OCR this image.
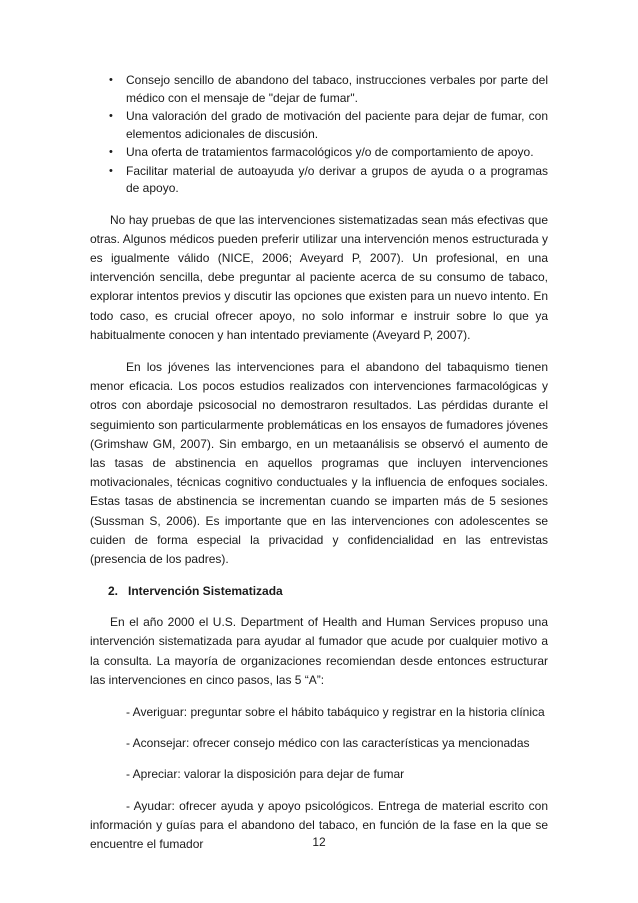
• Consejo sencillo de abandono del tabaco, instrucciones verbales por parte del médico con el mensaje de "dejar de fumar".
• Una valoración del grado de motivación del paciente para dejar de fumar, con elementos adicionales de discusión.
• Una oferta de tratamientos farmacológicos y/o de comportamiento de apoyo.
• Facilitar material de autoayuda y/o derivar a grupos de ayuda o a programas de apoyo.

No hay pruebas de que las intervenciones sistematizadas sean más efectivas que otras. Algunos médicos pueden preferir utilizar una intervención menos estructurada y es igualmente válido (NICE, 2006; Aveyard P, 2007). Un profesional, en una intervención sencilla, debe preguntar al paciente acerca de su consumo de tabaco, explorar intentos previos y discutir las opciones que existen para un nuevo intento. En todo caso, es crucial ofrecer apoyo, no solo informar e instruir sobre lo que ya habitualmente conocen y han intentado previamente (Aveyard P, 2007).

En los jóvenes las intervenciones para el abandono del tabaquismo tienen menor eficacia. Los pocos estudios realizados con intervenciones farmacológicas y otros con abordaje psicosocial no demostraron resultados. Las pérdidas durante el seguimiento son particularmente problemáticas en los ensayos de fumadores jóvenes (Grimshaw GM, 2007). Sin embargo, en un metaanálisis se observó el aumento de las tasas de abstinencia en aquellos programas que incluyen intervenciones motivacionales, técnicas cognitivo conductuales y la influencia de enfoques sociales. Estas tasas de abstinencia se incrementan cuando se imparten más de 5 sesiones (Sussman S, 2006). Es importante que en las intervenciones con adolescentes se cuiden de forma especial la privacidad y confidencialidad en las entrevistas (presencia de los padres).

2. Intervención Sistematizada

En el año 2000 el U.S. Department of Health and Human Services propuso una intervención sistematizada para ayudar al fumador que acude por cualquier motivo a la consulta. La mayoría de organizaciones recomiendan desde entonces estructurar las intervenciones en cinco pasos, las 5 “A”:

- Averiguar: preguntar sobre el hábito tabáquico y registrar en la historia clínica

- Aconsejar: ofrecer consejo médico con las características ya mencionadas

- Apreciar: valorar la disposición para dejar de fumar

- Ayudar: ofrecer ayuda y apoyo psicológicos. Entrega de material escrito con información y guías para el abandono del tabaco, en función de la fase en la que se encuentre el fumador	12
